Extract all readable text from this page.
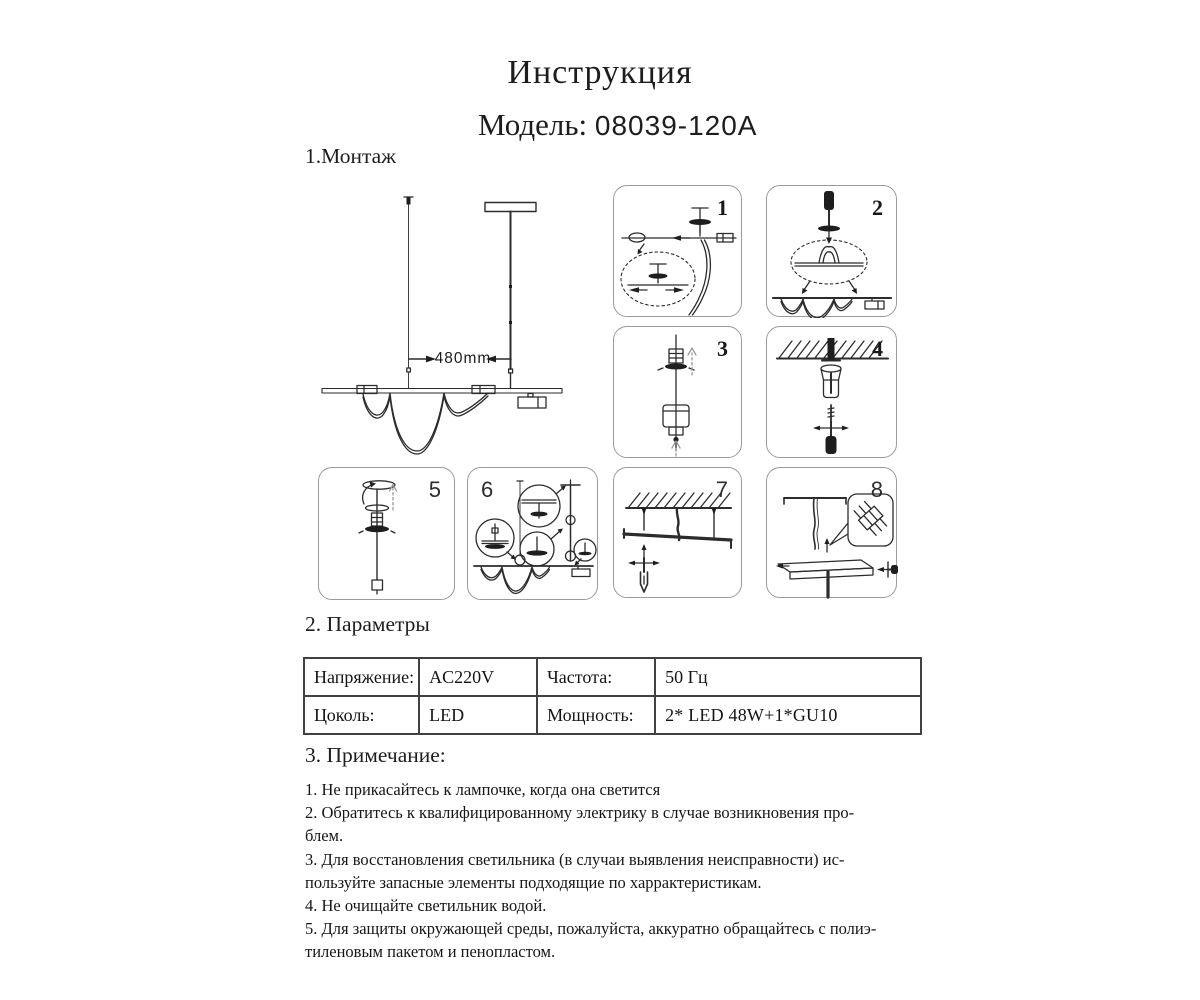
Инструкция
Модель: 08039-120A
1.Монтаж
480mm
1	2
3	4
5 6	7	8
2. Параметры
Напряжение:	AC220V	Частота:	50 Гц
Цоколь:	LED	Мощность:	2* LED 48W+1*GU10
3. Примечание:
1. Не прикасайтесь к лампочке, когда она светится
2. Обратитесь к квалифицированному электрику в случае возникновения про-
блем.
3. Для восстановления светильника (в случаи выявления неисправности) ис-
пользуйте запасные элементы подходящие по харрактеристикам.
4. Не очищайте светильник водой.
5. Для защиты окружающей среды, пожалуйста, аккуратно обращайтесь с полиэ-
тиленовым пакетом и пенопластом.
